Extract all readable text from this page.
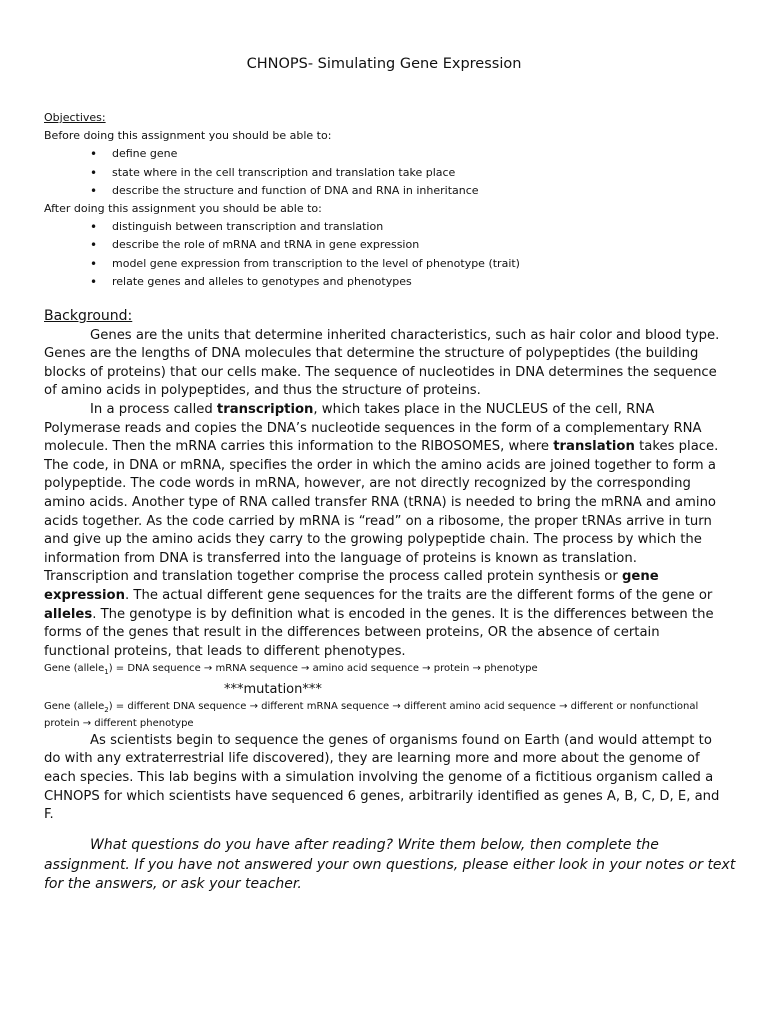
CHNOPS- Simulating Gene Expression
Objectives:
Before doing this assignment you should be able to:
• define gene
• state where in the cell transcription and translation take place
• describe the structure and function of DNA and RNA in inheritance
After doing this assignment you should be able to:
• distinguish between transcription and translation
• describe the role of mRNA and tRNA in gene expression
• model gene expression from transcription to the level of phenotype (trait)
• relate genes and alleles to genotypes and phenotypes
Background:

Genes are the units that determine inherited characteristics, such as hair color and blood type. Genes are the lengths of DNA molecules that determine the structure of polypeptides (the building blocks of proteins) that our cells make. The sequence of nucleotides in DNA determines the sequence of amino acids in polypeptides, and thus the structure of proteins.

In a process called transcription, which takes place in the NUCLEUS of the cell, RNA Polymerase reads and copies the DNA’s nucleotide sequences in the form of a complementary RNA molecule. Then the mRNA carries this information to the RIBOSOMES, where translation takes place. The code, in DNA or mRNA, specifies the order in which the amino acids are joined together to form a polypeptide. The code words in mRNA, however, are not directly recognized by the corresponding amino acids. Another type of RNA called transfer RNA (tRNA) is needed to bring the mRNA and amino acids together. As the code carried by mRNA is “read” on a ribosome, the proper tRNAs arrive in turn and give up the amino acids they carry to the growing polypeptide chain. The process by which the information from DNA is transferred into the language of proteins is known as translation. Transcription and translation together comprise the process called protein synthesis or gene expression. The actual different gene sequences for the traits are the different forms of the gene or alleles. The genotype is by definition what is encoded in the genes. It is the differences between the forms of the genes that result in the differences between proteins, OR the absence of certain functional proteins, that leads to different phenotypes.

Gene (allele$_1$) = DNA sequence → mRNA sequence → amino acid sequence → protein → phenotype
***mutation***
Gene (allele$_2$) = different DNA sequence → different mRNA sequence → different amino acid sequence → different or nonfunctional protein → different phenotype

As scientists begin to sequence the genes of organisms found on Earth (and would attempt to do with any extraterrestrial life discovered), they are learning more and more about the genome of each species. This lab begins with a simulation involving the genome of a fictitious organism called a CHNOPS for which scientists have sequenced 6 genes, arbitrarily identified as genes A, B, C, D, E, and F.

What questions do you have after reading? Write them below, then complete the assignment. If you have not answered your own questions, please either look in your notes or text for the answers, or ask your teacher.
